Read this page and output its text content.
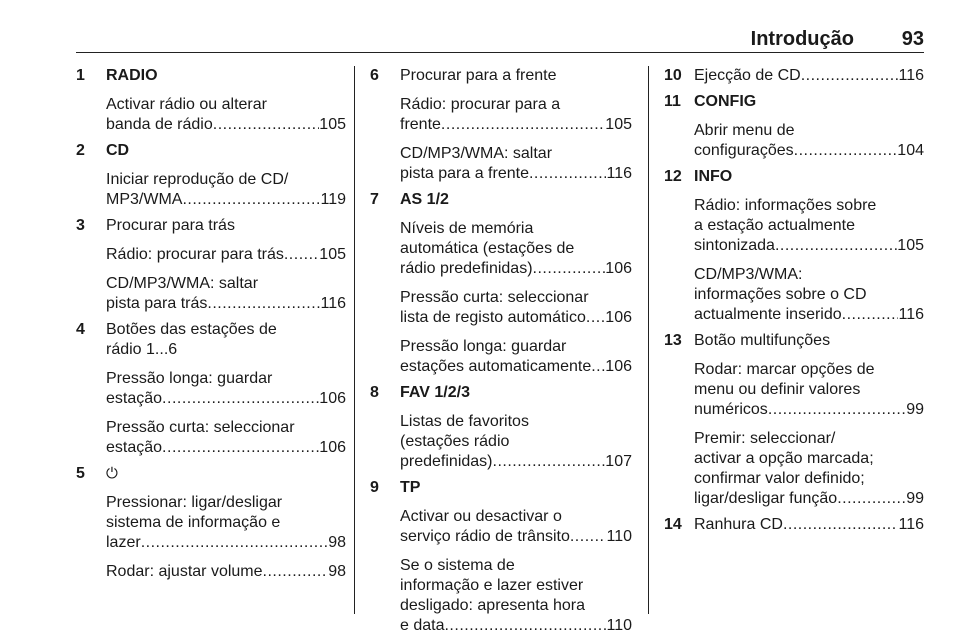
Introdução 93
1 RADIO
Activar rádio ou alterar
banda de rádio .....	105
2 CD
Iniciar reprodução de CD/
MP3/WMA .....	119
3 Procurar para trás
Rádio: procurar para trás ..... 105
CD/MP3/WMA: saltar
pista para trás .....	116
4 Botões das estações de
rádio 1...6
Pressão longa: guardar
estação .....	106
Pressão curta: seleccionar
estação .....	106
5 ⏻
Pressionar: ligar/desligar
sistema de informação e
lazer .....	98
Rodar: ajustar volume .....	98
6 Procurar para a frente
Rádio: procurar para a
frente .....	105
CD/MP3/WMA: saltar
pista para a frente .....	116
7 AS 1/2
Níveis de memória
automática (estações de
rádio predefinidas) .....	106
Pressão curta: seleccionar
lista de registo automático ..... 106
Pressão longa: guardar
estações automaticamente ..... 106
8 FAV 1/2/3
Listas de favoritos
(estações rádio
predefinidas) .....	107
9 TP
Activar ou desactivar o
serviço rádio de trânsito ..... 110
Se o sistema de
informação e lazer estiver
desligado: apresenta hora
e data .....	110
10 Ejecção de CD .....	116
11 CONFIG
Abrir menu de
configurações .....	104
12 INFO
Rádio: informações sobre
a estação actualmente
sintonizada .....	105
CD/MP3/WMA:
informações sobre o CD
actualmente inserido .....	116
13 Botão multifunções
Rodar: marcar opções de
menu ou definir valores
numéricos .....	99
Premir: seleccionar/
activar a opção marcada;
confirmar valor definido;
ligar/desligar função .....	99
14 Ranhura CD .....	116
